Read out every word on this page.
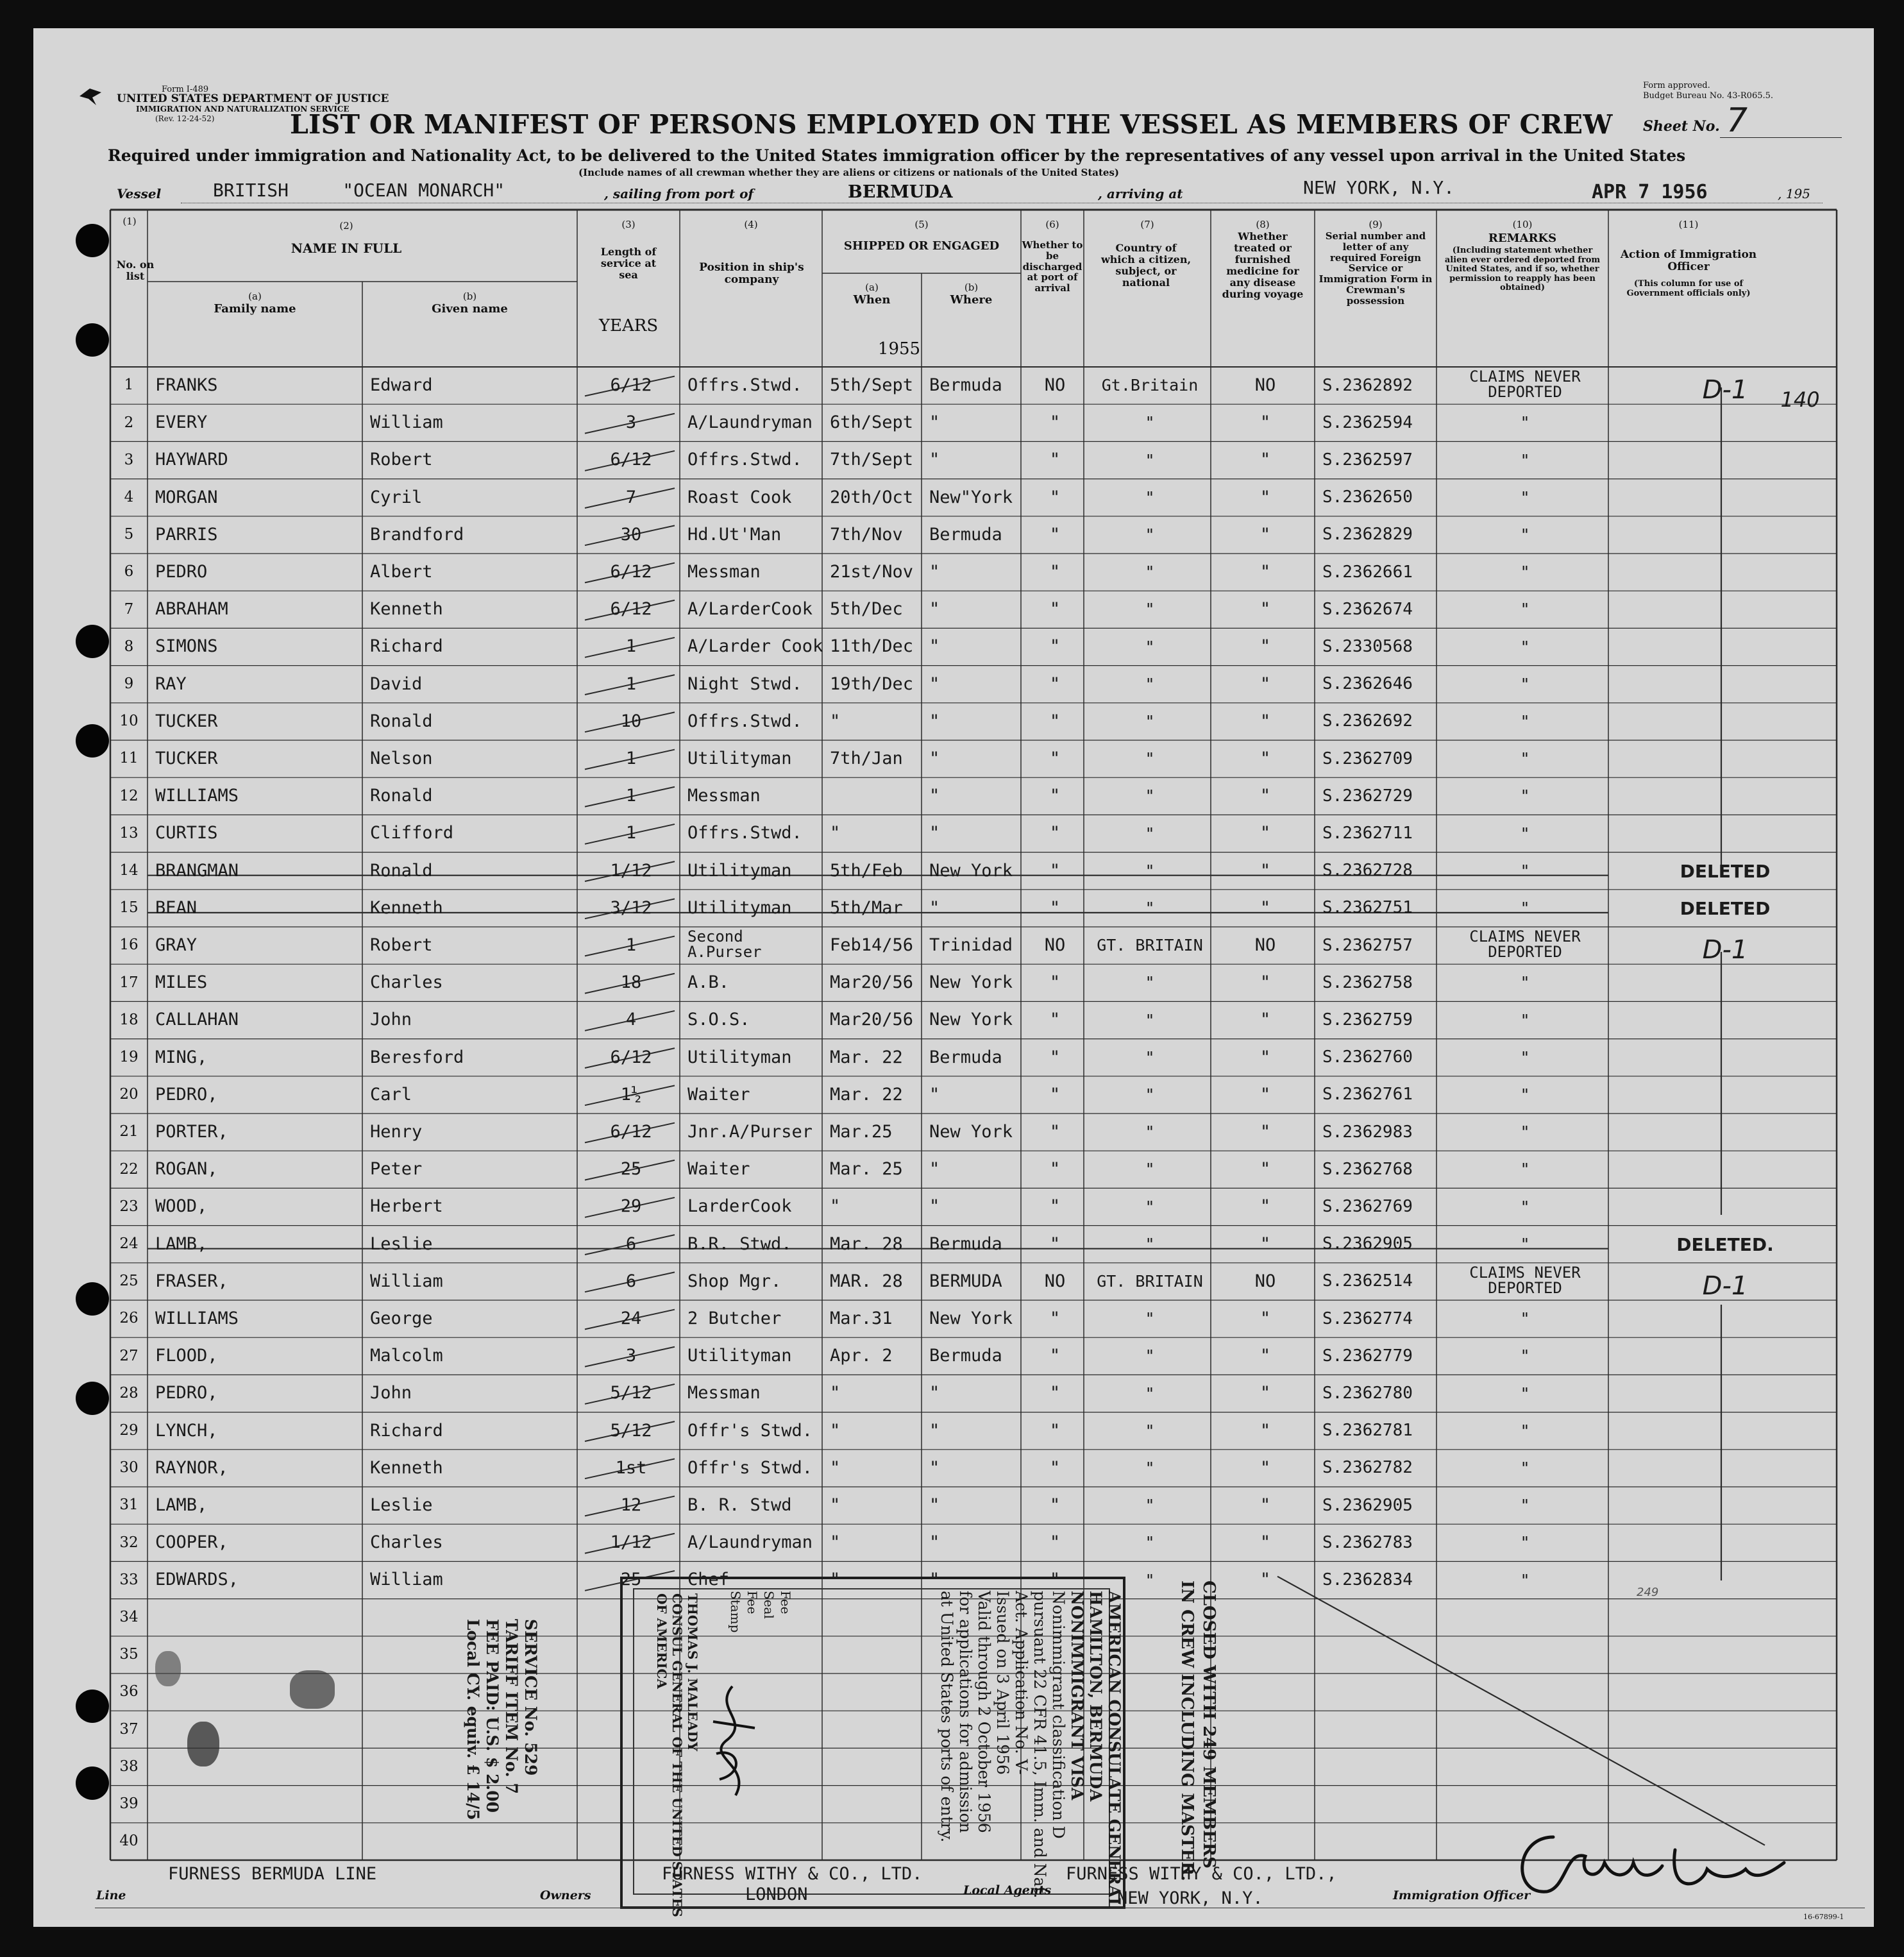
Form I-489
UNITED STATES DEPARTMENT OF JUSTICE
IMMIGRATION AND NATURALIZATION SERVICE
(Rev. 12-24-52)
Form approved.
Budget Bureau No. 43-R065.5.
LIST OR MANIFEST OF PERSONS EMPLOYED ON THE VESSEL AS MEMBERS OF CREW Sheet No. 7
Required under immigration and Nationality Act, to be delivered to the United States immigration officer by the representatives of any vessel upon arrival in the United States
(Include names of all crewman whether they are aliens or citizens or nationals of the United States)
Vessel	BRITISH     "OCEAN MONARCH"	, sailing from port of	BERMUDA	, arriving at	NEW YORK, N.Y.	APR 7 1956	, 195
1	FRANKS	Edward	6/12	Offrs.Stwd.	5th/Sept Bermuda	NO	Gt.Britain	NO	S.2362892	CLAIMS NEVER
DEPORTED	D-1
2	EVERY	William	3	A/Laundryman 6th/Sept "	"	"	"	S.2362594	"
140
3	HAYWARD	Robert	6/12	Offrs.Stwd.	7th/Sept "	"	"	"	S.2362597	"
4	MORGAN	Cyril	7	Roast Cook	20th/Oct New"York	"	"	"	S.2362650	"
5	PARRIS	Brandford	30	Hd.Ut'Man	7th/Nov	Bermuda	"	"	"	S.2362829	"
6	PEDRO	Albert	6/12	Messman	21st/Nov "	"	"	"	S.2362661	"
7	ABRAHAM	Kenneth	6/12	A/LarderCook 5th/Dec	"	"	"	"	S.2362674	"
8	SIMONS	Richard	1	A/Larder Cook 11th/Dec "	"	"	"	S.2330568	"
9	RAY	David	1	Night Stwd.	19th/Dec "	"	"	"	S.2362646	"
10 TUCKER	Ronald	10	Offrs.Stwd.	"	"	"	"	"	S.2362692	"
11 TUCKER	Nelson	1	Utilityman	7th/Jan	"	"	"	"	S.2362709	"
12 WILLIAMS	Ronald	1	Messman	"	"	"	"	S.2362729	"
13 CURTIS	Clifford	1	Offrs.Stwd.	"	"	"	"	"	S.2362711	"
14 BRANGMAN	Ronald	1/12	Utilityman	5th/Feb	New York	"	"	"	S.2362728	"	DELETED
15 BEAN	Kenneth	3/12	Utilityman	5th/Mar	"	"	"	"	S.2362751	"	DELETED
16 GRAY	Robert	1	Second
A.Purser	Feb14/56 Trinidad	NO	GT. BRITAIN	NO	S.2362757	CLAIMS NEVER
DEPORTED	D-1
17 MILES	Charles	18	A.B.	Mar20/56 New York	"	"	"	S.2362758	"
18 CALLAHAN	John	4	S.O.S.	Mar20/56 New York	"	"	"	S.2362759	"
19 MING,	Beresford	6/12	Utilityman	Mar. 22	Bermuda	"	"	"	S.2362760	"
20 PEDRO,	Carl	1½	Waiter	Mar. 22	"	"	"	"	S.2362761	"
21 PORTER,	Henry	6/12	Jnr.A/Purser Mar.25	New York	"	"	"	S.2362983	"
22 ROGAN,	Peter	25	Waiter	Mar. 25	"	"	"	"	S.2362768	"
23 WOOD,	Herbert	29	LarderCook	"	"	"	"	"	S.2362769	"
24 LAMB,	Leslie	6	B.R. Stwd.	Mar. 28	Bermuda	"	"	"	S.2362905	"	DELETED.
25 FRASER,	William	6	Shop Mgr.	MAR. 28	BERMUDA	NO	GT. BRITAIN	NO	S.2362514	CLAIMS NEVER
DEPORTED	D-1
26 WILLIAMS	George	24	2 Butcher	Mar.31	New York	"	"	"	S.2362774	"
27 FLOOD,	Malcolm	3	Utilityman	Apr. 2	Bermuda	"	"	"	S.2362779	"
28 PEDRO,	John	5/12	Messman	"	"	"	"	"	S.2362780	"
29 LYNCH,	Richard	5/12	Offr's Stwd. "	"	"	"	"	S.2362781	"
30 RAYNOR,	Kenneth	1st	Offr's Stwd. "	"	"	"	"	S.2362782	"
31 LAMB,	Leslie	12	B. R. Stwd	"	"	"	"	"	S.2362905	"
32 COOPER,	Charles	1/12	A/Laundryman "	"	"	"	"	S.2362783	"
33 EDWARDS,	William	25	Chef	"	"	"	"	"	S.2362834	"
34
35
36
37
38
39
40
(1)
No. on list
(2)
NAME IN FULL
(a)
Family name
(b)
Given name
(3)
Length of service at sea
YEARS
(4)
Position in ship's company
(5)
SHIPPED OR ENGAGED
(a)
When
(b)
Where
(6)
Whether to be discharged at port of arrival
(7)
Country of which a citizen, subject, or national
(8)
Whether treated or furnished medicine for any disease during voyage
(9)
Serial number and letter of any required Foreign Service or Immigration Form in Crewman's possession
(10)
REMARKS
(Including statement whether alien ever ordered deported from United States, and if so, whether permission to reapply has been obtained)
(11)
Action of Immigration Officer
(This column for use of Government officials only)
1955
SERVICE No. 529
TARIFF ITEM No. 7
FEE PAID: U.S. $ 2.00
Local CY. equiv. £ 14/5	AMERICAN CONSULATE GENERAL
HAMILTON, BERMUDA
NONIMMIGRANT VISA
Nonimmigrant classification D
pursuant 22 CFR 41.5, Imm. and Nat.
Act. Application No. V-
Issued on 3 April 1956
Valid through 2 October 1956
for applications for admission
at United States ports of entry.
Fee
Seal
Fee
Stamp
THOMAS J. MALEADY
CONSUL GENERAL OF THE UNITED STATES
OF AMERICA	CLOSED WITH 249 MEMBERS
IN CREW INCLUDING MASTER.
Line
FURNESS BERMUDA LINE
Owners
FURNESS WITHY & CO., LTD.
LONDON	Local Agents
FURNESS WITHY & CO., LTD.,
NEW YORK, N.Y.	Immigration Officer
16-67899-1
249
